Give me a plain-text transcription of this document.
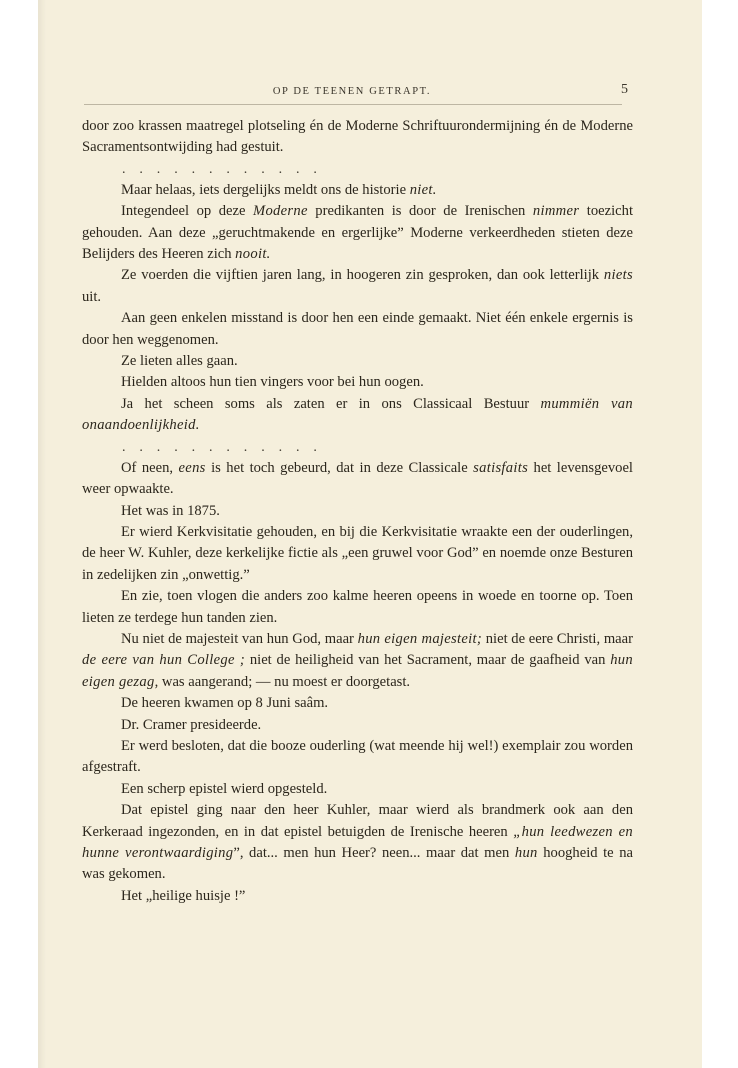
OP DE TEENEN GETRAPT.	5

door zoo krassen maatregel plotseling én de Moderne Schriftuurondermijning én de Moderne Sacramentsontwijding had gestuit.

. . . . . . . . . . . .

Maar helaas, iets dergelijks meldt ons de historie niet.

Integendeel op deze Moderne predikanten is door de Irenischen nimmer toezicht gehouden. Aan deze „geruchtmakende en ergerlijke” Moderne verkeerdheden stieten deze Belijders des Heeren zich nooit.

Ze voerden die vijftien jaren lang, in hoogeren zin gesproken, dan ook letterlijk niets uit.

Aan geen enkelen misstand is door hen een einde gemaakt. Niet één enkele ergernis is door hen weggenomen.

Ze lieten alles gaan.

Hielden altoos hun tien vingers voor bei hun oogen.

Ja het scheen soms als zaten er in ons Classicaal Bestuur mummiën van onaandoenlijkheid.

. . . . . . . . . . . .

Of neen, eens is het toch gebeurd, dat in deze Classicale satisfaits het levensgevoel weer opwaakte.

Het was in 1875.

Er wierd Kerkvisitatie gehouden, en bij die Kerkvisitatie wraakte een der ouderlingen, de heer W. Kuhler, deze kerkelijke fictie als „een gruwel voor God” en noemde onze Besturen in zedelijken zin „onwettig.”

En zie, toen vlogen die anders zoo kalme heeren opeens in woede en toorne op. Toen lieten ze terdege hun tanden zien.

Nu niet de majesteit van hun God, maar hun eigen majesteit; niet de eere Christi, maar de eere van hun College ; niet de heiligheid van het Sacrament, maar de gaafheid van hun eigen gezag, was aangerand; — nu moest er doorgetast.

De heeren kwamen op 8 Juni saâm.

Dr. Cramer presideerde.

Er werd besloten, dat die booze ouderling (wat meende hij wel!) exemplair zou worden afgestraft.

Een scherp epistel wierd opgesteld.

Dat epistel ging naar den heer Kuhler, maar wierd als brandmerk ook aan den Kerkeraad ingezonden, en in dat epistel betuigden de Irenische heeren „hun leedwezen en hunne verontwaardiging”, dat... men hun Heer? neen... maar dat men hun hoogheid te na was gekomen.

Het „heilige huisje !”
